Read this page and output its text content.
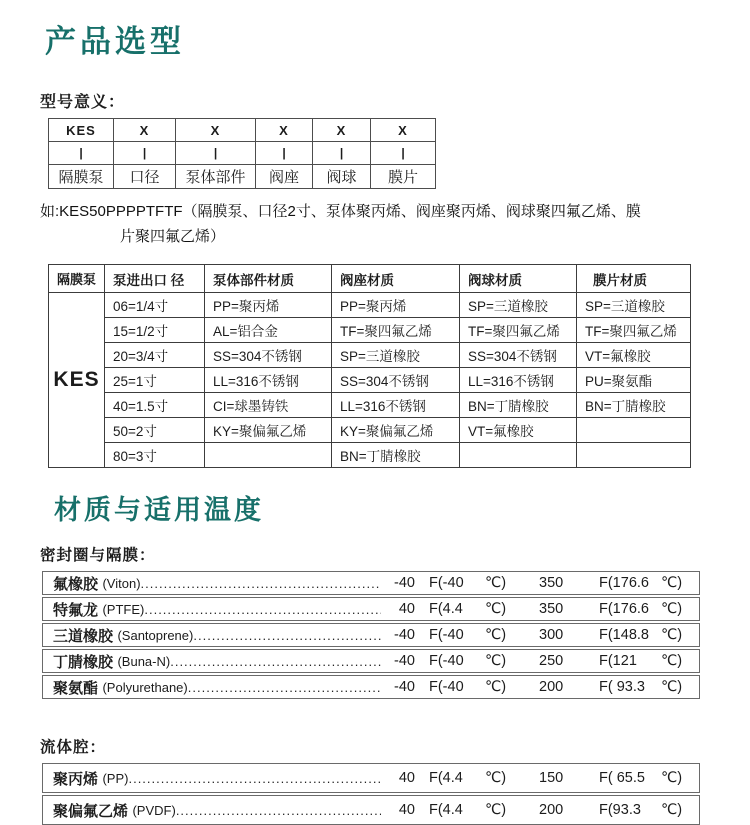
产品选型
型号意义：
KES	X	X	X	X	X
|	|	|	|	|	|
隔膜泵	口径	泵体部件	阀座	阀球	膜片
如:KES50PPPPTFTF（隔膜泵、口径2寸、泵体聚丙烯、阀座聚丙烯、阀球聚四氟乙烯、膜
片聚四氟乙烯）
隔膜泵	泵进出口 径	泵体部件材质	阀座材质	阀球材质	膜片材质
KES	06=1/4寸	PP=聚丙烯	PP=聚丙烯	SP=三道橡胶	SP=三道橡胶
	15=1/2寸	AL=铝合金	TF=聚四氟乙烯	TF=聚四氟乙烯	TF=聚四氟乙烯
	20=3/4寸	SS=304不锈钢	SP=三道橡胶	SS=304不锈钢	VT=氟橡胶
	25=1寸	LL=316不锈钢	SS=304不锈钢	LL=316不锈钢	PU=聚氨酯
	40=1.5寸	CI=球墨铸铁	LL=316不锈钢	BN=丁腈橡胶	BN=丁腈橡胶
	50=2寸	KY=聚偏氟乙烯	KY=聚偏氟乙烯	VT=氟橡胶	
	80=3寸		BN=丁腈橡胶		
材质与适用温度
密封圈与隔膜：
氟橡胶
(Viton) .....	-40 F(-40	℃)	350	F(176.6 ℃)
特氟龙
(PTFE) .....	40 F(4.4	℃)	350	F(176.6 ℃)
三道橡胶
(Santoprene) .....	-40 F(-40	℃)	300	F(148.8 ℃)
丁腈橡胶
(Buna-N) .....	-40 F(-40	℃)	250	F(121	℃)
聚氨酯
(Polyurethane) .....	-40 F(-40	℃)	200	F( 93.3	℃)
流体腔：
聚丙烯
(PP) .....	40 F(4.4	℃)	150	F( 65.5	℃)
聚偏氟乙烯
(PVDF) .....	40 F(4.4	℃)	200	F(93.3	℃)
